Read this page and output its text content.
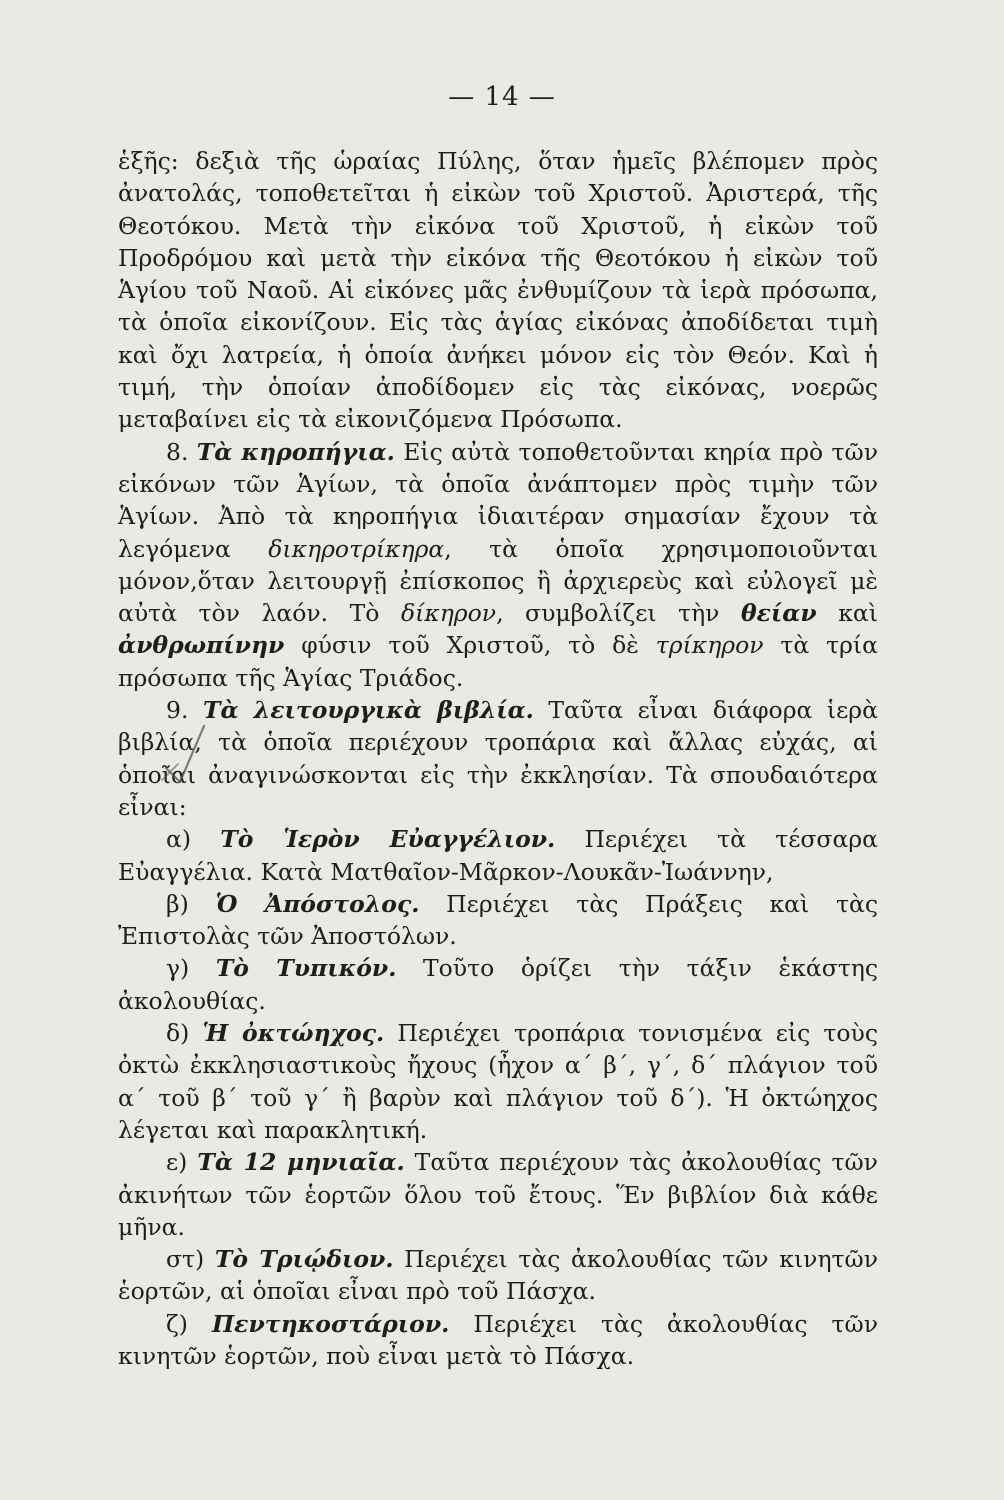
— 14 —

ἑξῆς: δεξιὰ τῆς ὡραίας Πύλης, ὅταν ἡμεῖς βλέπομεν πρὸς ἀνατολάς, τοποθετεῖται ἡ εἰκὼν τοῦ Χριστοῦ. Ἀριστερά, τῆς Θεοτόκου. Μετὰ τὴν εἰκόνα τοῦ Χριστοῦ, ἡ εἰκὼν τοῦ Προδρόμου καὶ μετὰ τὴν εἰκόνα τῆς Θεοτόκου ἡ εἰκὼν τοῦ Ἁγίου τοῦ Ναοῦ. Αἱ εἰκόνες μᾶς ἐνθυμίζουν τὰ ἱερὰ πρόσωπα, τὰ ὁποῖα εἰκονίζουν. Εἰς τὰς ἁγίας εἰκόνας ἀποδίδεται τιμὴ καὶ ὄχι λατρεία, ἡ ὁποία ἀνήκει μόνον εἰς τὸν Θεόν. Καὶ ἡ τιμή, τὴν ὁποίαν ἀποδίδομεν εἰς τὰς εἰκόνας, νοερῶς μεταβαίνει εἰς τὰ εἰκονιζόμενα Πρόσωπα.

8. Τὰ κηροπήγια. Εἰς αὐτὰ τοποθετοῦνται κηρία πρὸ τῶν εἰκόνων τῶν Ἁγίων, τὰ ὁποῖα ἀνάπτομεν πρὸς τιμὴν τῶν Ἁγίων. Ἀπὸ τὰ κηροπήγια ἰδιαιτέραν σημασίαν ἔχουν τὰ λεγόμενα δικηροτρίκηρα, τὰ ὁποῖα χρησιμοποιοῦνται μόνον,ὅταν λειτουργῇ ἐπίσκοπος ἢ ἀρχιερεὺς καὶ εὐλογεῖ μὲ αὐτὰ τὸν λαόν. Τὸ δίκηρον, συμβολίζει τὴν θείαν καὶ ἀνθρωπίνην φύσιν τοῦ Χριστοῦ, τὸ δὲ τρίκηρον τὰ τρία πρόσωπα τῆς Ἁγίας Τριάδος.

9. Τὰ λειτουργικὰ βιβλία. Ταῦτα εἶναι διάφορα ἱερὰ βιβλία, τὰ ὁποῖα περιέχουν τροπάρια καὶ ἄλλας εὐχάς, αἱ ὁποῖαι ἀναγινώσκονται εἰς τὴν ἐκκλησίαν. Τὰ σπουδαιότερα εἶναι:

α) Τὸ Ἱερὸν Εὐαγγέλιον. Περιέχει τὰ τέσσαρα Εὐαγγέλια. Κατὰ Ματθαῖον-Μᾶρκον-Λουκᾶν-Ἰωάννην,

β) Ὁ Ἀπόστολος. Περιέχει τὰς Πράξεις καὶ τὰς Ἐπιστολὰς τῶν Ἀποστόλων.

γ) Τὸ Τυπικόν. Τοῦτο ὁρίζει τὴν τάξιν ἑκάστης ἀκολουθίας.

δ) Ἡ ὀκτώηχος. Περιέχει τροπάρια τονισμένα εἰς τοὺς ὀκτὼ ἐκκλησιαστικοὺς ἤχους (ἦχον α΄ β΄, γ΄, δ΄ πλάγιον τοῦ α΄ τοῦ β΄ τοῦ γ΄ ἢ βαρὺν καὶ πλάγιον τοῦ δ΄). Ἡ ὀκτώηχος λέγεται καὶ παρακλητική.

ε) Τὰ 12 μηνιαῖα. Ταῦτα περιέχουν τὰς ἀκολουθίας τῶν ἀκινήτων τῶν ἑορτῶν ὅλου τοῦ ἔτους. Ἕν βιβλίον διὰ κάθε μῆνα.

στ) Τὸ Τριῴδιον. Περιέχει τὰς ἀκολουθίας τῶν κινητῶν ἑορτῶν, αἱ ὁποῖαι εἶναι πρὸ τοῦ Πάσχα.

ζ) Πεντηκοστάριον. Περιέχει τὰς ἀκολουθίας τῶν κινητῶν ἑορτῶν, ποὺ εἶναι μετὰ τὸ Πάσχα.
